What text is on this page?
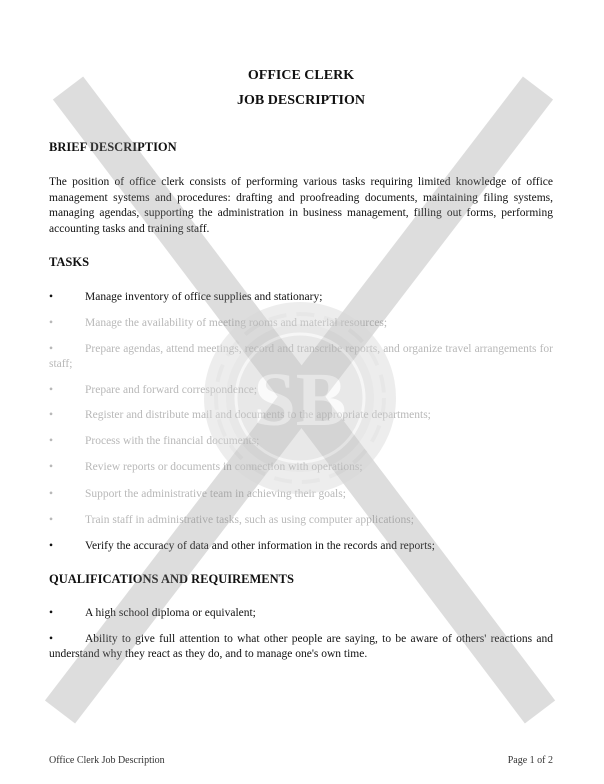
OFFICE CLERK
JOB DESCRIPTION
BRIEF DESCRIPTION
The position of office clerk consists of performing various tasks requiring limited knowledge of office management systems and procedures: drafting and proofreading documents, maintaining filing systems, managing agendas, supporting the administration in business management, filling out forms, performing accounting tasks and training staff.
TASKS
•	Manage inventory of office supplies and stationary;
•	Manage the availability of meeting rooms and material resources;
•	Prepare agendas, attend meetings, record and transcribe reports, and organize travel arrangements for staff;
•	Prepare and forward correspondence;
•	Register and distribute mail and documents to the appropriate departments;
•	Process with the financial documents;
•	Review reports or documents in connection with operations;
•	Support the administrative team in achieving their goals;
•	Train staff in administrative tasks, such as using computer applications;
•	Verify the accuracy of data and other information in the records and reports;
QUALIFICATIONS AND REQUIREMENTS
•	A high school diploma or equivalent;
•	Ability to give full attention to what other people are saying, to be aware of others' reactions and understand why they react as they do, and to manage one's own time.
SB
Office Clerk Job Description	Page 1 of 2
